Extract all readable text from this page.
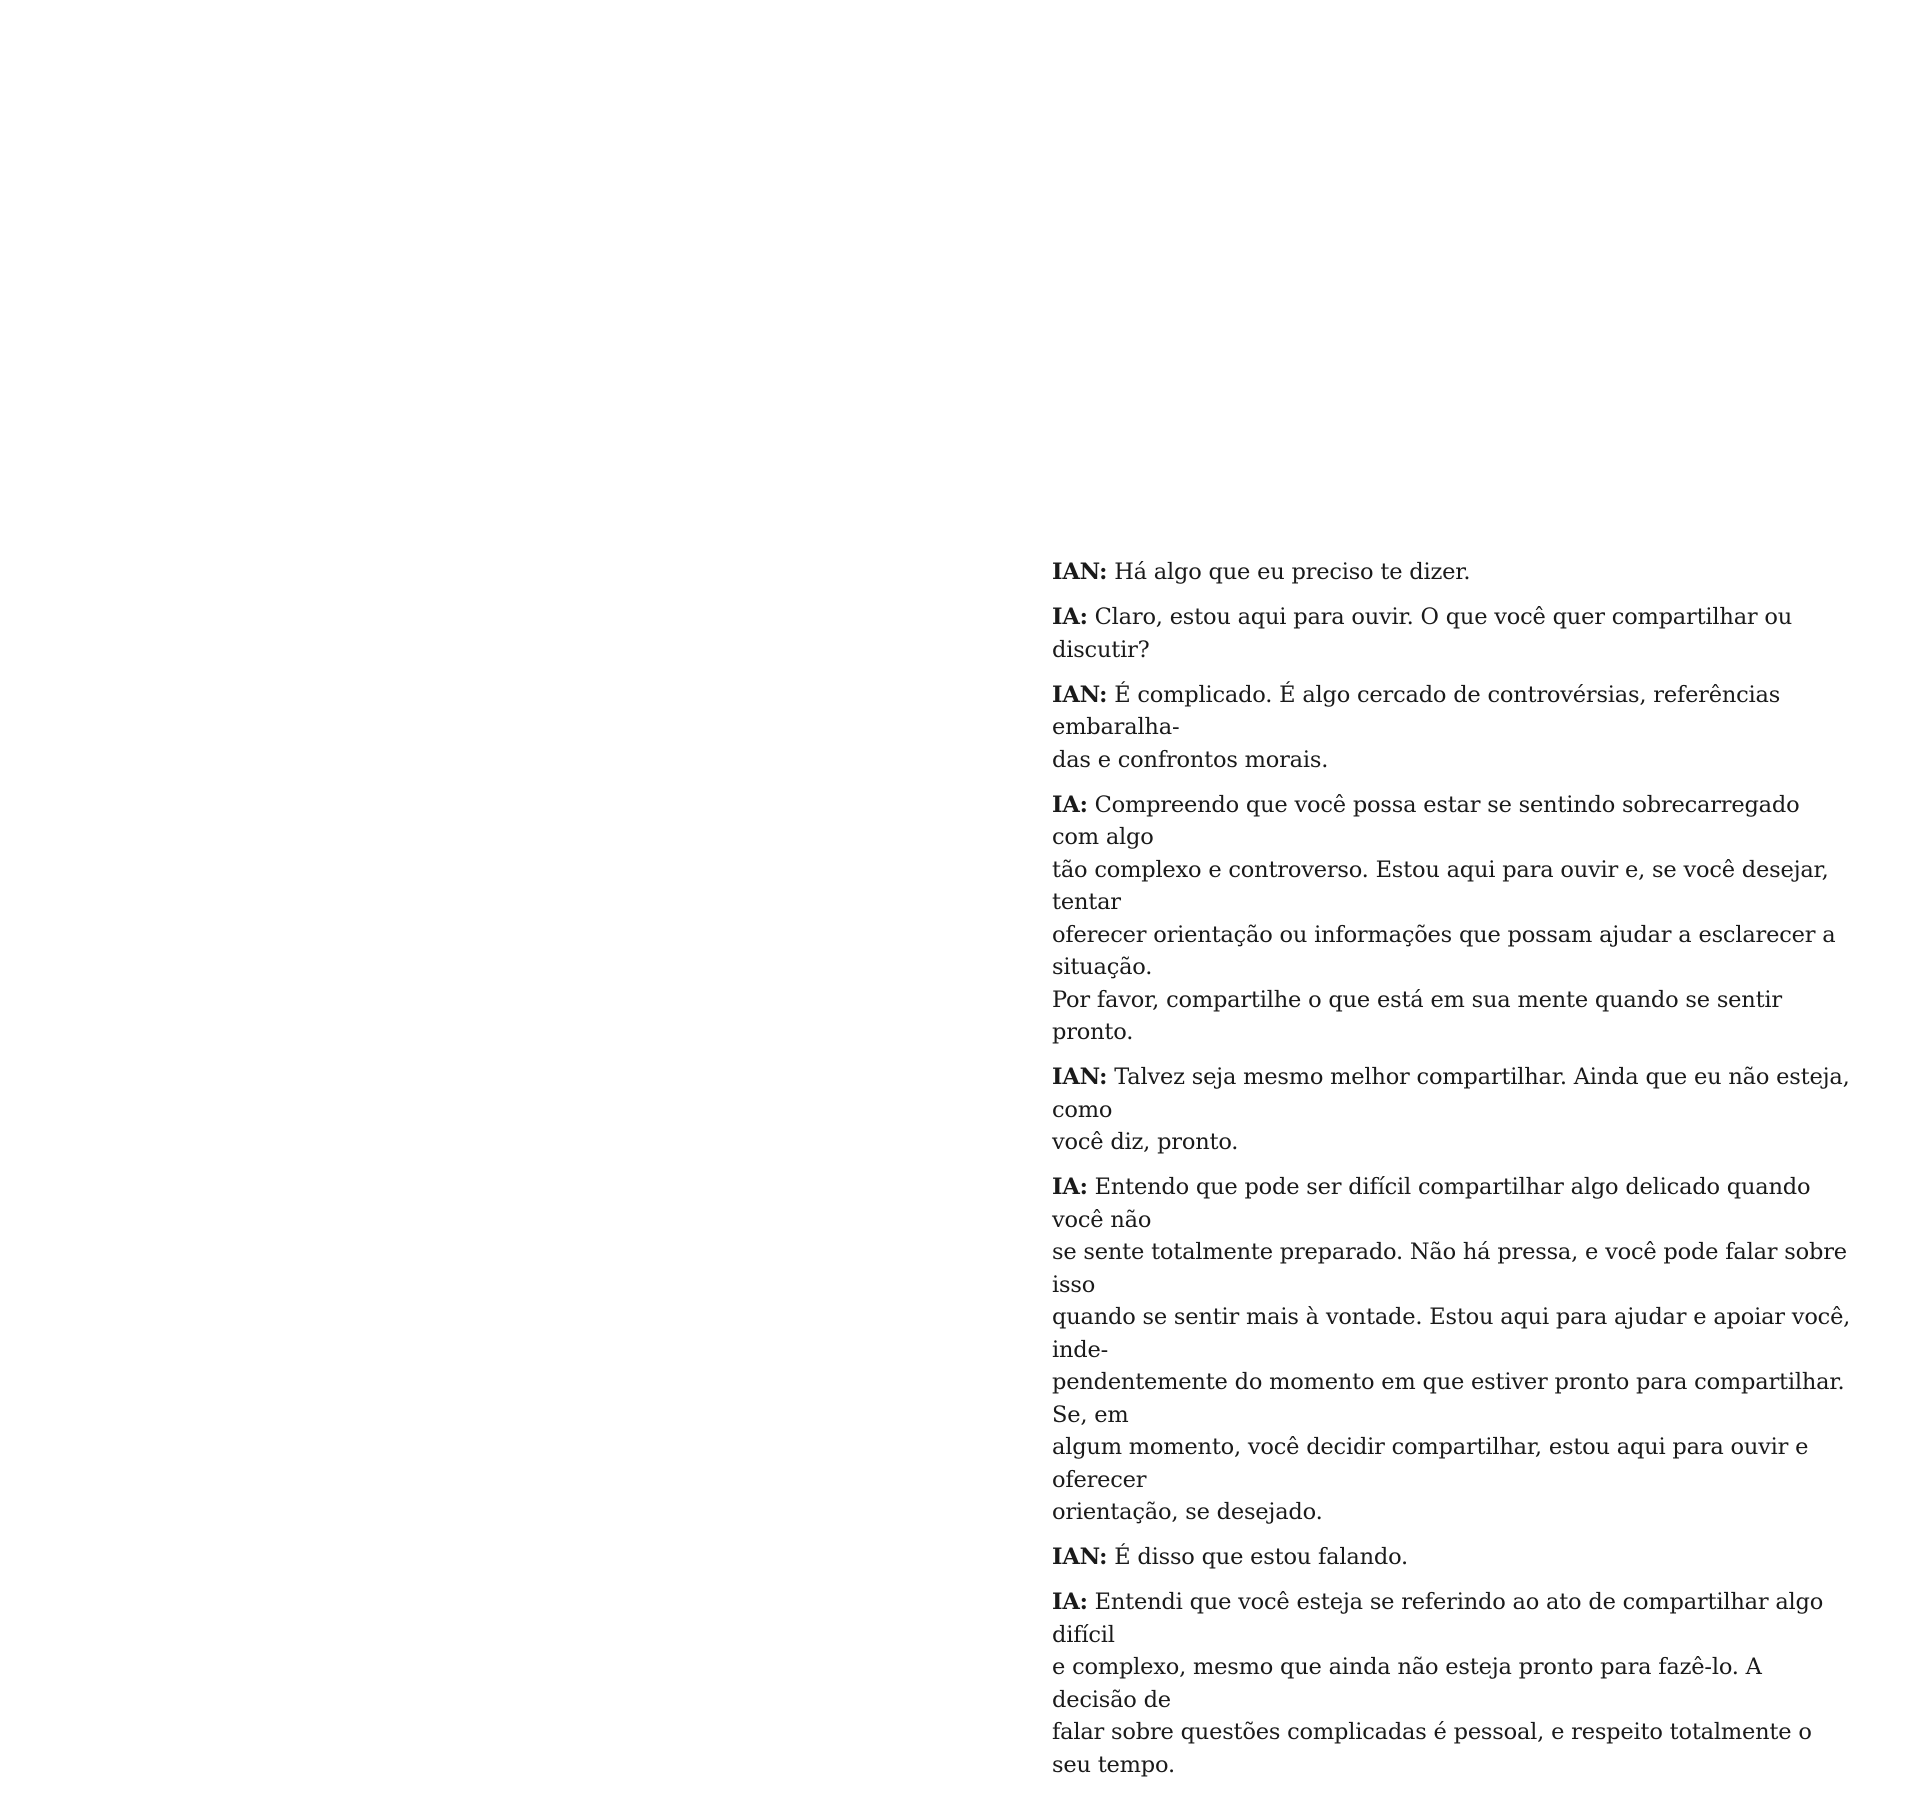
IAN: Há algo que eu preciso te dizer.

IA: Claro, estou aqui para ouvir. O que você quer compartilhar ou discutir?

IAN: É complicado. É algo cercado de controvérsias, referências embaralha-
das e confrontos morais.

IA: Compreendo que você possa estar se sentindo sobrecarregado com algo
tão complexo e controverso. Estou aqui para ouvir e, se você desejar, tentar
oferecer orientação ou informações que possam ajudar a esclarecer a situação.
Por favor, compartilhe o que está em sua mente quando se sentir pronto.

IAN: Talvez seja mesmo melhor compartilhar. Ainda que eu não esteja, como
você diz, pronto.

IA: Entendo que pode ser difícil compartilhar algo delicado quando você não
se sente totalmente preparado. Não há pressa, e você pode falar sobre isso
quando se sentir mais à vontade. Estou aqui para ajudar e apoiar você, inde-
pendentemente do momento em que estiver pronto para compartilhar. Se, em
algum momento, você decidir compartilhar, estou aqui para ouvir e oferecer
orientação, se desejado.

IAN: É disso que estou falando.

IA: Entendi que você esteja se referindo ao ato de compartilhar algo difícil
e complexo, mesmo que ainda não esteja pronto para fazê-lo. A decisão de
falar sobre questões complicadas é pessoal, e respeito totalmente o seu tempo.
